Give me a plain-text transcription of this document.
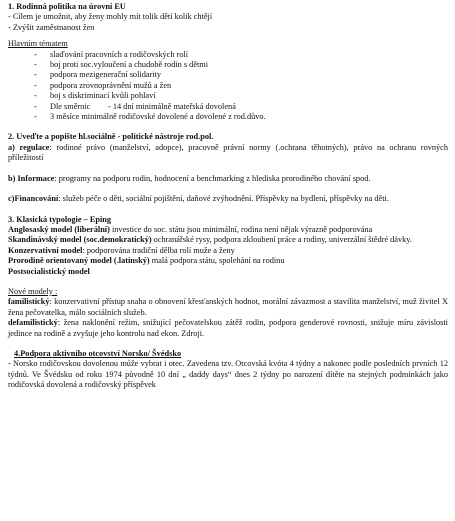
1. Rodinná politika na úrovni EU

- Cílem je umožnit, aby ženy mohly mít tolik dětí kolik chtějí

- Zvýšit zaměstnanost žen

Hlavním tématem

- slaďování pracovních a rodičovských rolí
- boj proti soc.vyloučení a chudobě rodin s dětmi
- podpora mezigenerační solidarity
- podpora zrovnoprávnění mužů a žen
- boj s diskriminací kvůli pohlaví
- Dle směrnic - 14 dní minimálně mateřská dovolená
- 3 měsíce minimálně rodičovské dovolené a dovolené z rod.důvo.

2. Uveďte a popište hl.sociálně - politické nástroje rod.pol.

a) regulace: rodinné právo (manželství, adopce), pracovně právní normy (.ochrana těhotných), právo na ochranu rovných příležitostí

b) Informace: programy na podporu rodin, hodnocení a benchmarking z hlediska prorodiného chování spod.

c)Financování: služeb péče o děti, sociální pojištění, daňové zvýhodnění. Příspěvky na bydlení, příspěvky na děti.

3. Klasická typologie – Eping

Anglosaský model (liberální) investice do soc. státu jsou minimální, rodina není nějak výrazně podporována

Skandinávský model (soc.demokratický) ochranářské rysy, podpora zkloubení práce a rodiny, univerzální štědré dávky.

Konzervativní model: podporována tradiční dělba rolí muže a ženy

Prorodině orientovaný model (.latinský) malá podpora státu, spolehání na rodinu

Postsocialistický model

Nové modely :

familistický: konzervativní přístup snaha o obnovení křesťanských hodnot, morální závazmost a stavilita manželství, muž živitel X žena pečovatelka, málo sociálních služeb.

defamilistický: žena naklonění režim, snižující pečovatelskou zátěž rodin, podpora genderové rovnosti, snižuje míru závislosti jedince na rodině a zvyšuje jeho kontrolu nad ekon. Zdroji.

4.Podpora aktivního otcovství Norsko/ Švédsko

- Norsko rodičovskou dovolenou může vybrat i otec. Zavedena tzv. Otcovská kvóta 4 týdny a nakonec podle posledních prvních 12 týdnů. Ve Švédsku od roku 1974 původně 10 dní „ daddy days“ dnes 2 týdny po narození dítěte na stejných podmínkách jako rodičovská dovolená a rodičovský příspěvek
